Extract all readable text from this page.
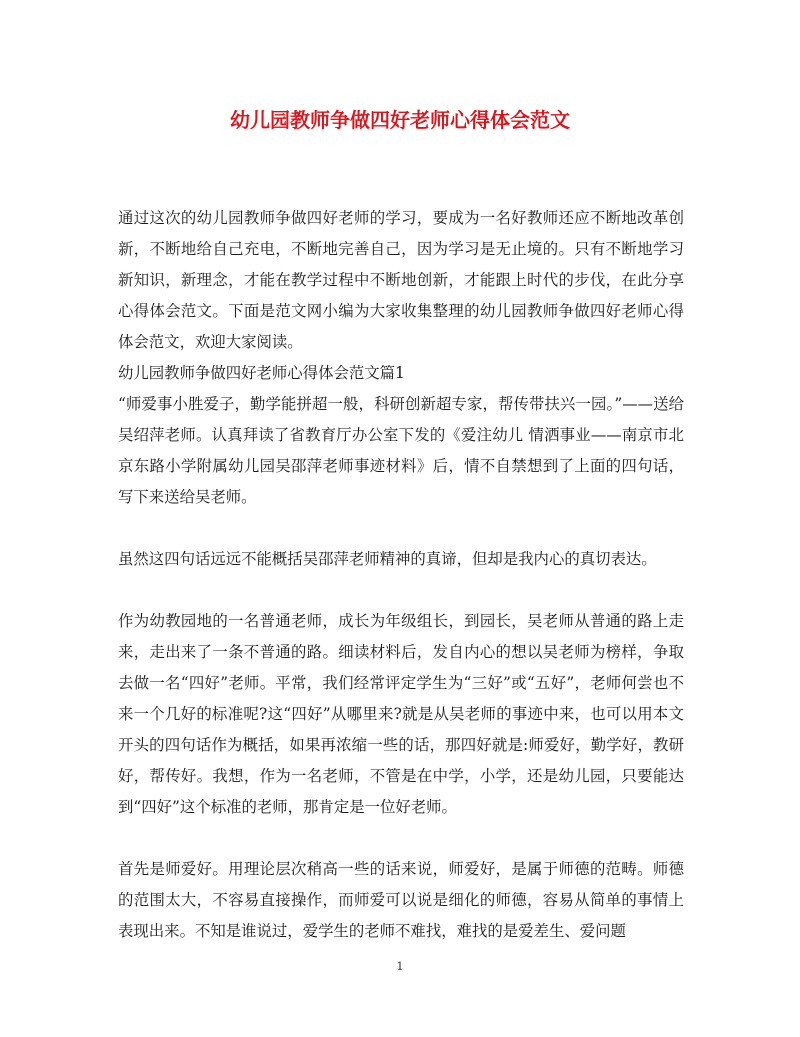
幼儿园教师争做四好老师心得体会范文

通过这次的幼儿园教师争做四好老师的学习，要成为一名好教师还应不断地改革创新，不断地给自己充电，不断地完善自己，因为学习是无止境的。只有不断地学习新知识，新理念，才能在教学过程中不断地创新，才能跟上时代的步伐，在此分享心得体会范文。下面是范文网小编为大家收集整理的幼儿园教师争做四好老师心得体会范文，欢迎大家阅读。

幼儿园教师争做四好老师心得体会范文篇1

“师爱事小胜爱子，勤学能拼超一般，科研创新超专家，帮传带扶兴一园。”——送给吴绍萍老师。认真拜读了省教育厅办公室下发的《爱注幼儿 情洒事业——南京市北京东路小学附属幼儿园吴邵萍老师事迹材料》后，情不自禁想到了上面的四句话，写下来送给吴老师。

虽然这四句话远远不能概括吴邵萍老师精神的真谛，但却是我内心的真切表达。

作为幼教园地的一名普通老师，成长为年级组长，到园长，吴老师从普通的路上走来，走出来了一条不普通的路。细读材料后，发自内心的想以吴老师为榜样，争取去做一名“四好”老师。平常，我们经常评定学生为“三好”或“五好”，老师何尝也不来一个几好的标准呢?这“四好”从哪里来?就是从吴老师的事迹中来，也可以用本文开头的四句话作为概括，如果再浓缩一些的话，那四好就是:师爱好，勤学好，教研好，帮传好。我想，作为一名老师，不管是在中学，小学，还是幼儿园，只要能达到“四好”这个标准的老师，那肯定是一位好老师。

首先是师爱好。用理论层次稍高一些的话来说，师爱好，是属于师德的范畴。师德的范围太大，不容易直接操作，而师爱可以说是细化的师德，容易从简单的事情上表现出来。不知是谁说过，爱学生的老师不难找，难找的是爱差生、爱问题

1
